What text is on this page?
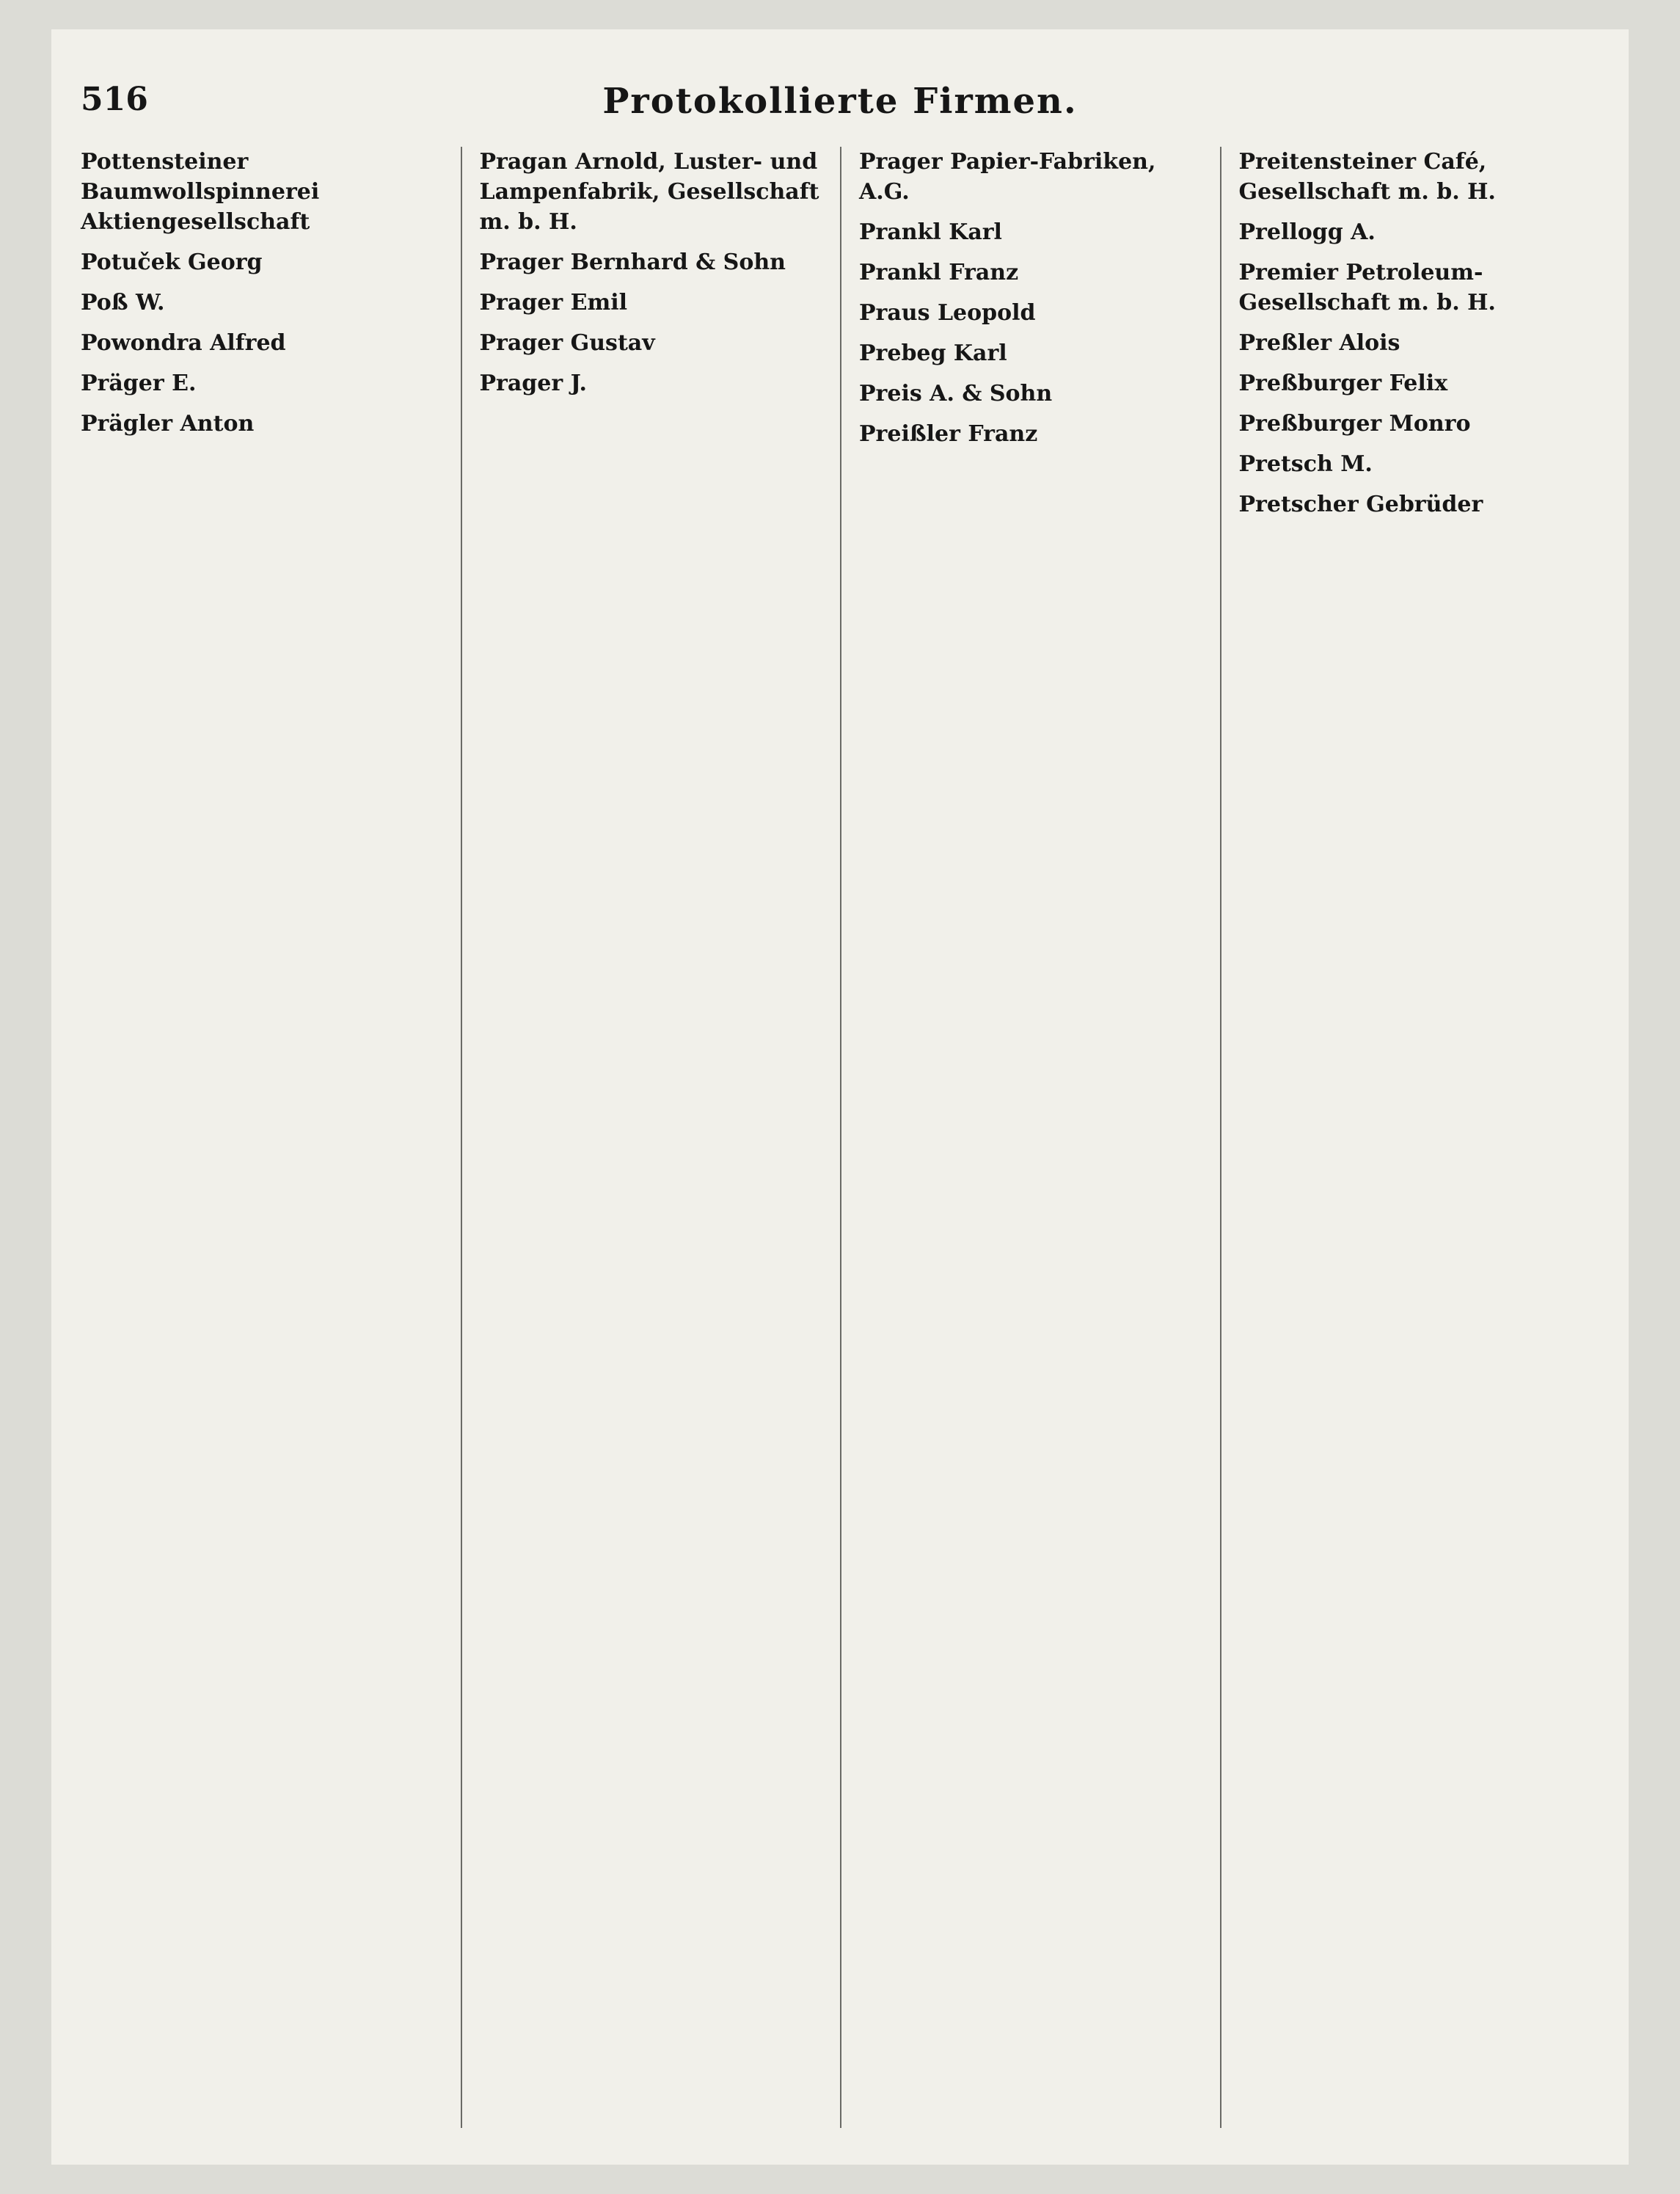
516	Protokollierte Firmen.

Pottensteiner Baumwollspinnerei Aktiengesellschaft

Potuček Georg

Poß W.

Powondra Alfred

Präger E.

Prägler Anton

Pragan Arnold, Luster- und Lampenfabrik, Gesellschaft m. b. H.

Prager Bernhard & Sohn

Prager Emil

Prager Gustav

Prager J.

Prager Papier-Fabriken, A.G.

Prankl Karl

Prankl Franz

Praus Leopold

Prebeg Karl

Preis A. & Sohn

Preißler Franz

Preitensteiner Café, Gesellschaft m. b. H.

Prellogg A.

Premier Petroleum-Gesellschaft m. b. H.

Preßler Alois

Preßburger Felix

Preßburger Monro

Pretsch M.

Pretscher Gebrüder
